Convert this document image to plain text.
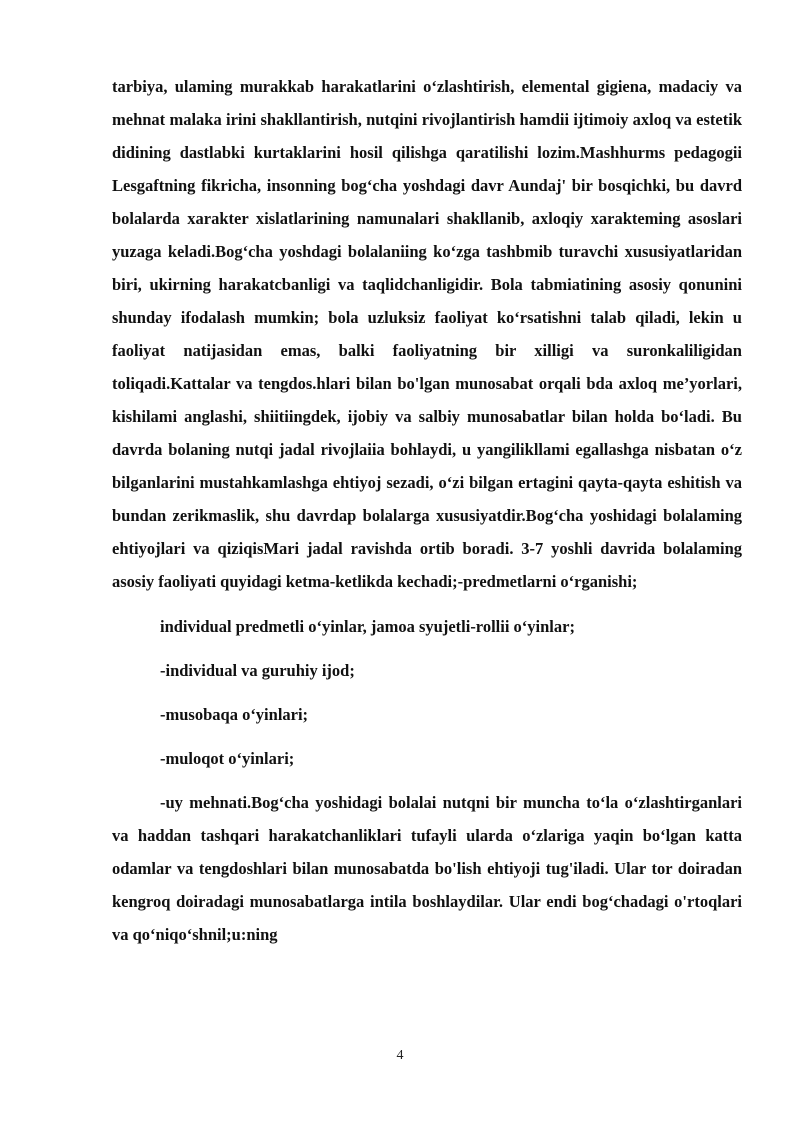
tarbiya, ulaming murakkab harakatlarini o‘zlashtirish, elemental gigiena, madaciy va mehnat malaka irini shakllantirish, nutqini rivojlantirish hamdii ijtimoiy axloq va estetik didining dastlabki kurtaklarini hosil qilishga qaratilishi lozim.Mashhurms pedagogii Lesgaftning fikricha, insonning bog‘cha yoshdagi davr Aundaj' bir bosqichki, bu davrd bolalarda xarakter xislatlarining namunalari shakllanib, axloqiy xarakteming asoslari yuzaga keladi.Bog‘cha yoshdagi bolalaniing ko‘zga tashbmib turavchi xususiyatlaridan biri, ukirning harakatcbanligi va taqlidchanligidir. Bola tabmiatining asosiy qonunini shunday ifodalash mumkin; bola uzluksiz faoliyat ko‘rsatishni talab qiladi, lekin u faoliyat natijasidan emas, balki faoliyatning bir xilligi va suronkaliligidan toliqadi.Kattalar va tengdos.hlari bilan bo'lgan munosabat orqali bda axloq me’yorlari, kishilami anglashi, shiitiingdek, ijobiy va salbiy munosabatlar bilan holda bo‘ladi. Bu davrda bolaning nutqi jadal rivojlaiia bohlaydi, u yangilikllami egallashga nisbatan o‘z bilganlarini mustahkamlashga ehtiyoj sezadi, o‘zi bilgan ertagini qayta-qayta eshitish va bundan zerikmaslik, shu davrdap bolalarga xususiyatdir.Bog‘cha yoshidagi bolalaming ehtiyojlari va qiziqisMari jadal ravishda ortib boradi. 3-7 yoshli davrida bolalaming asosiy faoliyati quyidagi ketma-ketlikda kechadi;-predmetlarni o‘rganishi;

individual predmetli o‘yinlar, jamoa syujetli-rollii o‘yinlar;

-individual va guruhiy ijod;

-musobaqa o‘yinlari;

-muloqot o‘yinlari;

-uy mehnati.Bog‘cha yoshidagi bolalai nutqni bir muncha to‘la o‘zlashtirganlari va haddan tashqari harakatchanliklari tufayli ularda o‘zlariga yaqin bo‘lgan katta odamlar va tengdoshlari bilan munosabatda bo'lish ehtiyoji tug'iladi. Ular tor doiradan kengroq doiradagi munosabatlarga intila boshlaydilar. Ular endi bog‘chadagi o'rtoqlari va qo‘niqo‘shnil;u:ning

4
